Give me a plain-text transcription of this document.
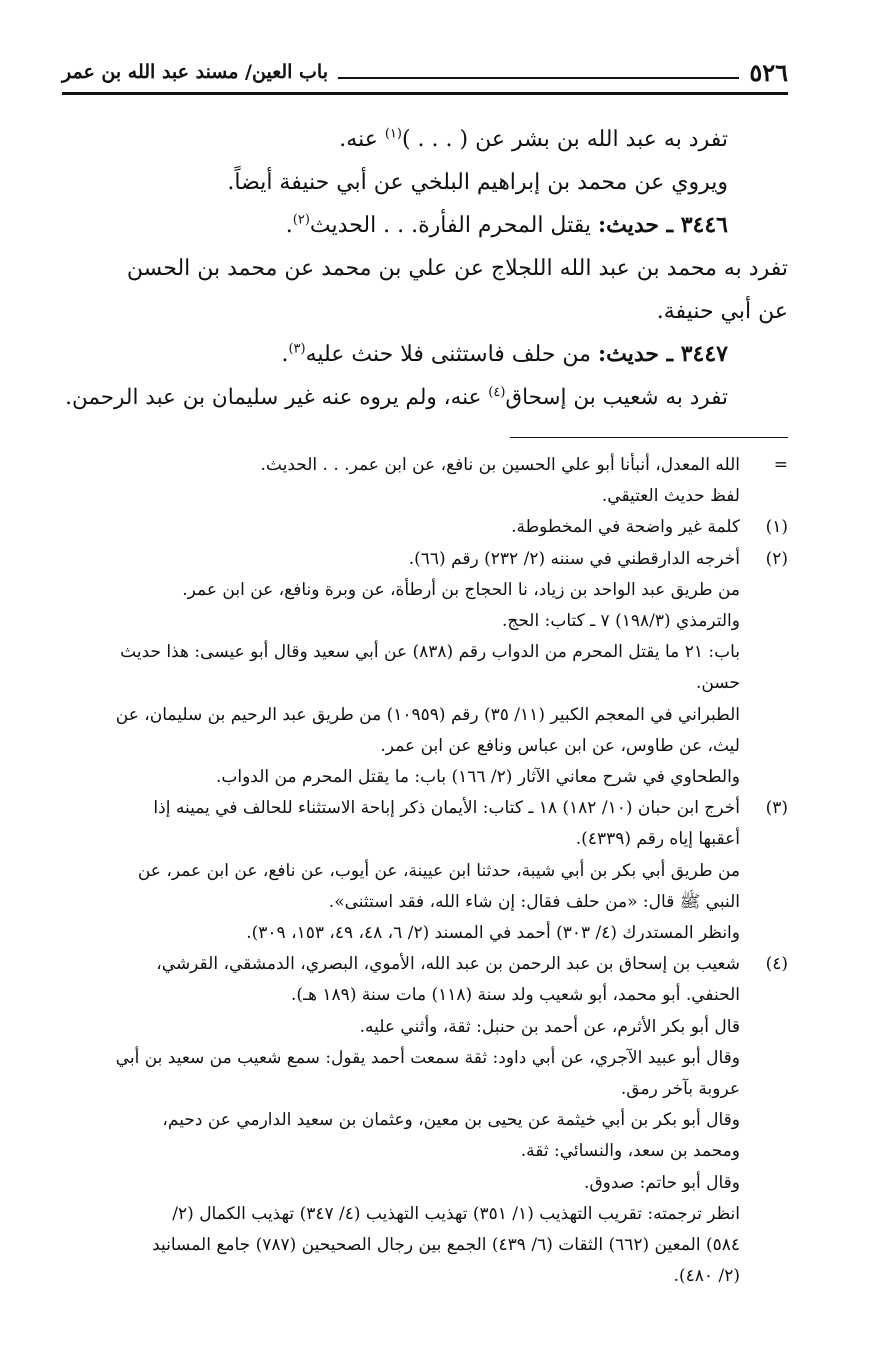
٥٢٦
باب العين/ مسند عبد الله بن عمر
تفرد به عبد الله بن بشر عن ( . . . )$^{(١)}$ عنه.
ويروي عن محمد بن إبراهيم البلخي عن أبي حنيفة أيضاً.
٣٤٤٦ ـ حديث: يقتل المحرم الفأرة. . . الحديث$^{(٢)}$.
تفرد به محمد بن عبد الله اللجلاج عن علي بن محمد عن محمد بن الحسن
عن أبي حنيفة.
٣٤٤٧ ـ حديث: من حلف فاستثنى فلا حنث عليه$^{(٣)}$.
تفرد به شعيب بن إسحاق$^{(٤)}$ عنه، ولم يروه عنه غير سليمان بن عبد الرحمن.
=
الله المعدل، أنبأنا أبو علي الحسين بن نافع، عن ابن عمر. . . الحديث.
لفظ حديث العتيقي.
(١)
كلمة غير واضحة في المخطوطة.
(٢)
أخرجه الدارقطني في سننه (٢/ ٢٣٢) رقم (٦٦).
من طريق عبد الواحد بن زياد، نا الحجاج بن أرطأة، عن وبرة ونافع، عن ابن عمر.
والترمذي (١٩٨/٣) ٧ ـ كتاب: الحج.
باب: ٢١ ما يقتل المحرم من الدواب رقم (٨٣٨) عن أبي سعيد وقال أبو عيسى: هذا حديث
حسن.
الطبراني في المعجم الكبير (١١/ ٣٥) رقم (١٠٩٥٩) من طريق عبد الرحيم بن سليمان، عن
ليث، عن طاوس، عن ابن عباس ونافع عن ابن عمر.
والطحاوي في شرح معاني الآثار (٢/ ١٦٦) باب: ما يقتل المحرم من الدواب.
(٣)
أخرج ابن حبان (١٠/ ١٨٢) ١٨ ـ كتاب: الأيمان ذكر إباحة الاستثناء للحالف في يمينه إذا
أعقبها إياه رقم (٤٣٣٩).
من طريق أبي بكر بن أبي شيبة، حدثنا ابن عيينة، عن أيوب، عن نافع، عن ابن عمر، عن
النبي ﷺ قال: «من حلف فقال: إن شاء الله، فقد استثنى».
وانظر المستدرك (٤/ ٣٠٣) أحمد في المسند (٢/ ٦، ٤٨، ٤٩، ١٥٣، ٣٠٩).
(٤)
شعيب بن إسحاق بن عبد الرحمن بن عبد الله، الأموي، البصري، الدمشقي، القرشي،
الحنفي. أبو محمد، أبو شعيب ولد سنة (١١٨) مات سنة (١٨٩ هـ).
قال أبو بكر الأثرم، عن أحمد بن حنبل: ثقة، وأثني عليه.
وقال أبو عبيد الآجري، عن أبي داود: ثقة سمعت أحمد يقول: سمع شعيب من سعيد بن أبي
عروبة بآخر رمق.
وقال أبو بكر بن أبي خيثمة عن يحيى بن معين، وعثمان بن سعيد الدارمي عن دحيم،
ومحمد بن سعد، والنسائي: ثقة.
وقال أبو حاتم: صدوق.
انظر ترجمته: تقريب التهذيب (١/ ٣٥١) تهذيب التهذيب (٤/ ٣٤٧) تهذيب الكمال (٢/
٥٨٤) المعين (٦٦٢) الثقات (٦/ ٤٣٩) الجمع بين رجال الصحيحين (٧٨٧) جامع المسانيد
(٢/ ٤٨٠).
